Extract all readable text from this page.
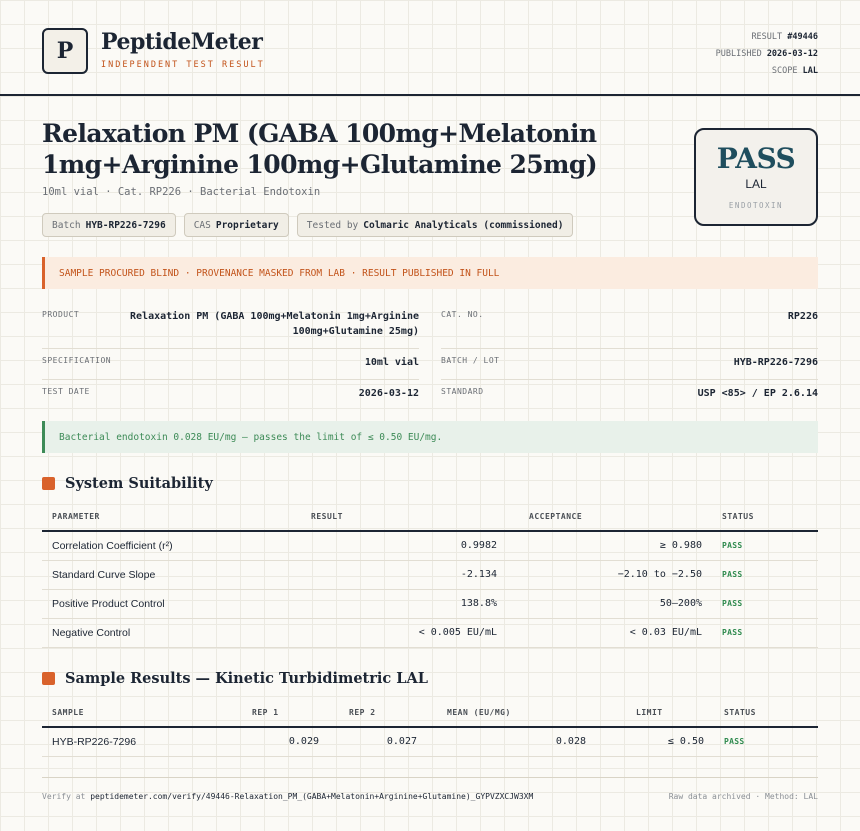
P	PeptideMeter
INDEPENDENT TEST RESULT
RESULT #49446
PUBLISHED 2026-03-12
SCOPE LAL
Relaxation PM (GABA 100mg+Melatonin 1mg+Arginine 100mg+Glutamine 25mg)
10ml vial · Cat. RP226 · Bacterial Endotoxin
Batch HYB-RP226-7296	CAS Proprietary	Tested by Colmaric Analyticals (commissioned)
PASS
LAL
ENDOTOXIN
SAMPLE PROCURED BLIND · PROVENANCE MASKED FROM LAB · RESULT PUBLISHED IN FULL
PRODUCT	Relaxation PM (GABA 100mg+Melatonin 1mg+Arginine 100mg+Glutamine 25mg)
CAT. NO.	RP226
SPECIFICATION	10ml vial	BATCH / LOT	HYB-RP226-7296
TEST DATE	2026-03-12	STANDARD	USP <85> / EP 2.6.14
Bacterial endotoxin 0.028 EU/mg — passes the limit of ≤ 0.50 EU/mg.
System Suitability
PARAMETER	RESULT	ACCEPTANCE	STATUS
Correlation Coefficient (r²)	0.9982	≥ 0.980	PASS
Standard Curve Slope	-2.134	−2.10 to −2.50	PASS
Positive Product Control	138.8%	50–200%	PASS
Negative Control	< 0.005 EU/mL	< 0.03 EU/mL	PASS
Sample Results — Kinetic Turbidimetric LAL
SAMPLE	REP 1	REP 2	MEAN (EU/MG)	LIMIT	STATUS
HYB-RP226-7296	0.029	0.027	0.028	≤ 0.50	PASS
Verify at peptidemeter.com/verify/49446-Relaxation_PM_(GABA+Melatonin+Arginine+Glutamine)_GYPVZXCJW3XM	Raw data archived · Method: LAL
